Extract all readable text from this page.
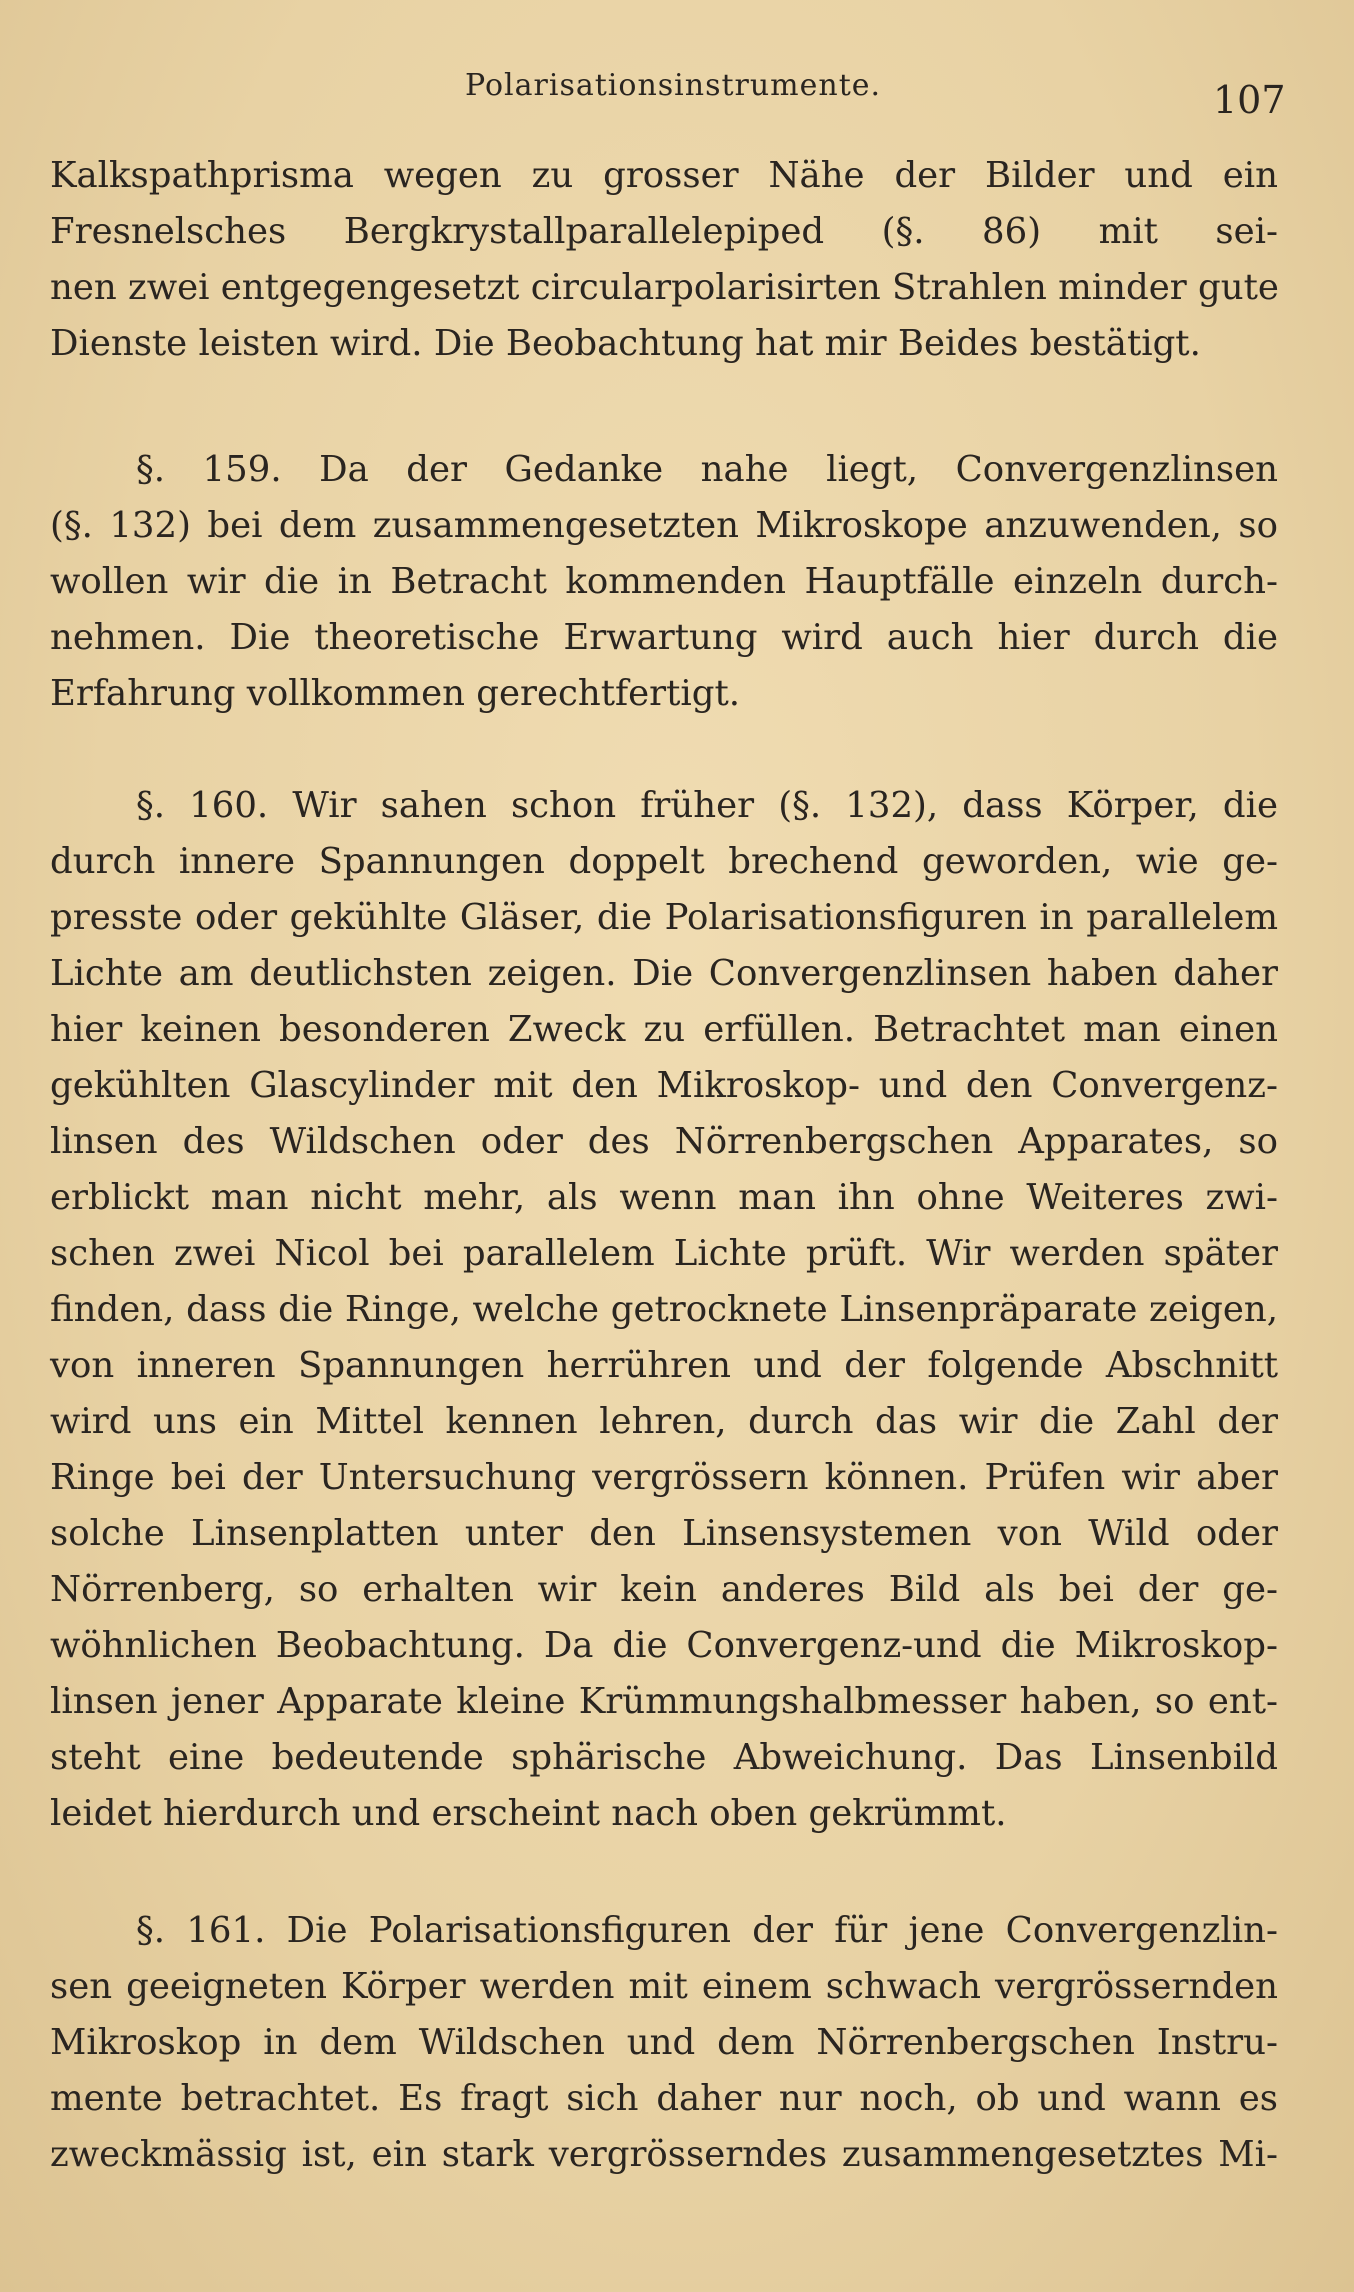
Polarisationsinstrumente.	107
Kalkspathprisma wegen zu grosser Nähe der Bilder und ein
Fresnelsches Bergkrystallparallelepiped (§. 86) mit sei-
nen zwei entgegengesetzt circularpolarisirten Strahlen minder gute
Dienste leisten wird. Die Beobachtung hat mir Beides bestätigt.
§. 159. Da der Gedanke nahe liegt, Convergenzlinsen
(§. 132) bei dem zusammengesetzten Mikroskope anzuwenden, so
wollen wir die in Betracht kommenden Hauptfälle einzeln durch-
nehmen. Die theoretische Erwartung wird auch hier durch die
Erfahrung vollkommen gerechtfertigt.
§. 160. Wir sahen schon früher (§. 132), dass Körper, die
durch innere Spannungen doppelt brechend geworden, wie ge-
presste oder gekühlte Gläser, die Polarisationsfiguren in parallelem
Lichte am deutlichsten zeigen. Die Convergenzlinsen haben daher
hier keinen besonderen Zweck zu erfüllen. Betrachtet man einen
gekühlten Glascylinder mit den Mikroskop- und den Convergenz-
linsen des Wildschen oder des Nörrenbergschen Apparates, so
erblickt man nicht mehr, als wenn man ihn ohne Weiteres zwi-
schen zwei Nicol bei parallelem Lichte prüft. Wir werden später
finden, dass die Ringe, welche getrocknete Linsenpräparate zeigen,
von inneren Spannungen herrühren und der folgende Abschnitt
wird uns ein Mittel kennen lehren, durch das wir die Zahl der
Ringe bei der Untersuchung vergrössern können. Prüfen wir aber
solche Linsenplatten unter den Linsensystemen von Wild oder
Nörrenberg, so erhalten wir kein anderes Bild als bei der ge-
wöhnlichen Beobachtung. Da die Convergenz-und die Mikroskop-
linsen jener Apparate kleine Krümmungshalbmesser haben, so ent-
steht eine bedeutende sphärische Abweichung. Das Linsenbild
leidet hierdurch und erscheint nach oben gekrümmt.
§. 161. Die Polarisationsfiguren der für jene Convergenzlin-
sen geeigneten Körper werden mit einem schwach vergrössernden
Mikroskop in dem Wildschen und dem Nörrenbergschen Instru-
mente betrachtet. Es fragt sich daher nur noch, ob und wann es
zweckmässig ist, ein stark vergrösserndes zusammengesetztes Mi-
